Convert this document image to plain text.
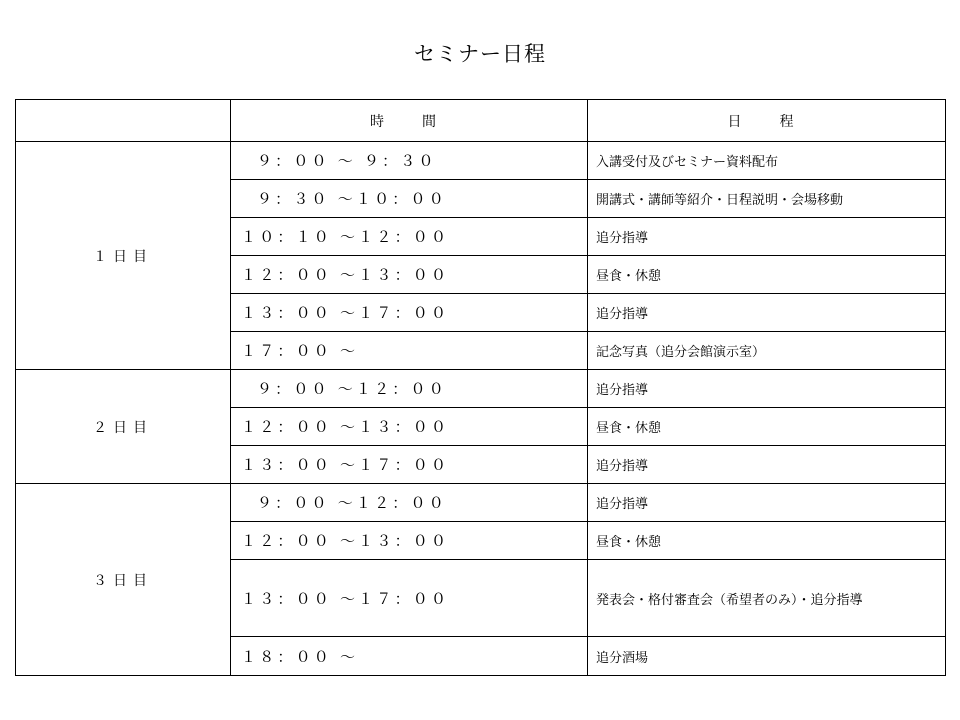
セミナー日程
	時　間	日　程
１日目	９：００ ～ ９：３０	入講受付及びセミナー資料配布
	９：３０ ～１０：００	開講式・講師等紹介・日程説明・会場移動
	１０：１０ ～１２：００	追分指導
	１２：００ ～１３：００	昼食・休憩
	１３：００ ～１７：００	追分指導
	１７：００ ～	記念写真（追分会館演示室）
２日目	９：００ ～１２：００	追分指導
	１２：００ ～１３：００	昼食・休憩
	１３：００ ～１７：００	追分指導
３日目	９：００ ～１２：００	追分指導
	１２：００ ～１３：００	昼食・休憩
	１３：００ ～１７：００	発表会・格付審査会（希望者のみ）・追分指導
	１８：００ ～	追分酒場
